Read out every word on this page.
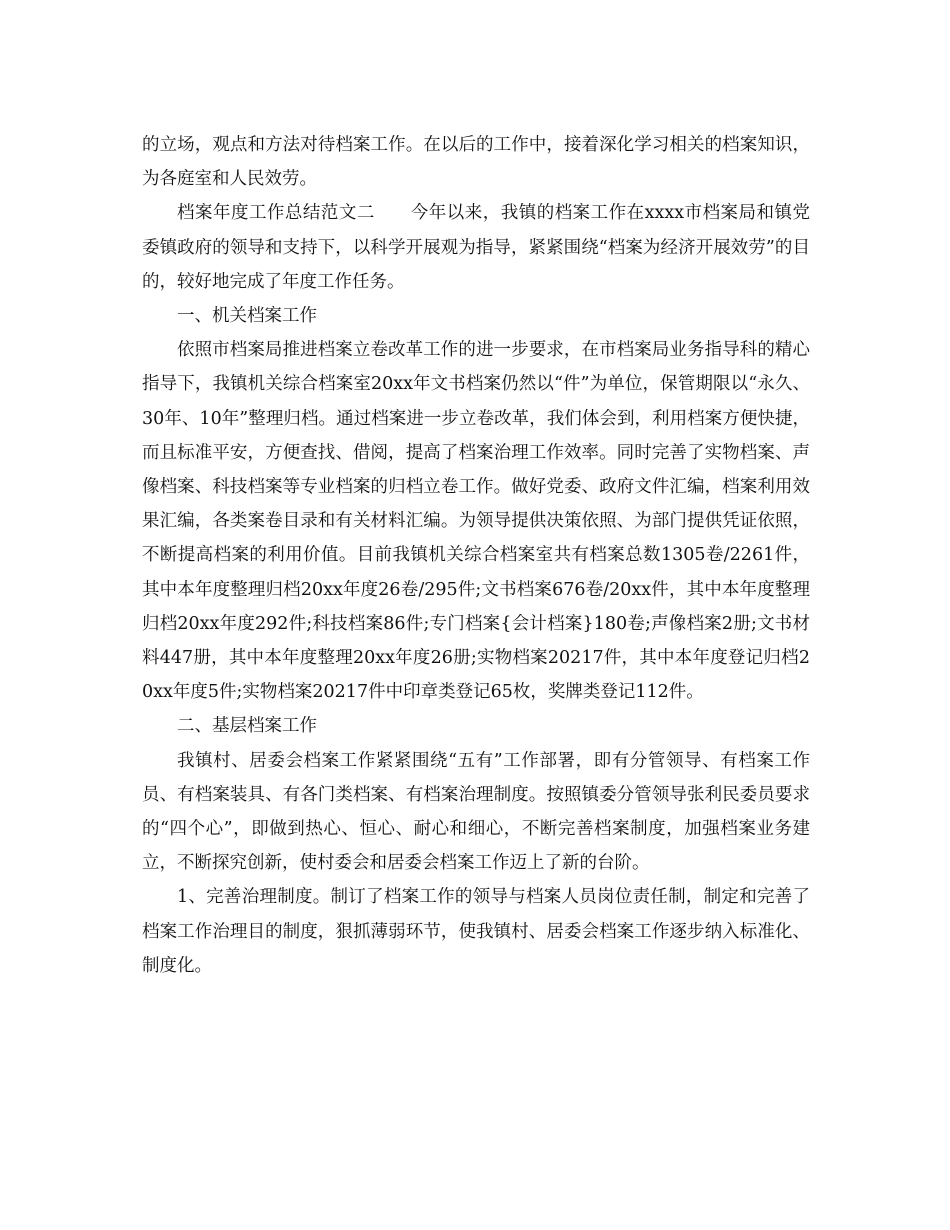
的立场，观点和方法对待档案工作。在以后的工作中，接着深化学习相关的档案知识，为各庭室和人民效劳。

档案年度工作总结范文二　　今年以来，我镇的档案工作在xxxx市档案局和镇党委镇政府的领导和支持下，以科学开展观为指导，紧紧围绕“档案为经济开展效劳”的目的，较好地完成了年度工作任务。

一、机关档案工作

依照市档案局推进档案立卷改革工作的进一步要求，在市档案局业务指导科的精心指导下，我镇机关综合档案室20xx年文书档案仍然以“件”为单位，保管期限以“永久、30年、10年”整理归档。通过档案进一步立卷改革，我们体会到，利用档案方便快捷，而且标准平安，方便查找、借阅，提高了档案治理工作效率。同时完善了实物档案、声像档案、科技档案等专业档案的归档立卷工作。做好党委、政府文件汇编，档案利用效果汇编，各类案卷目录和有关材料汇编。为领导提供决策依照、为部门提供凭证依照，不断提高档案的利用价值。目前我镇机关综合档案室共有档案总数1305卷/2261件，其中本年度整理归档20xx年度26卷/295件;文书档案676卷/20xx件，其中本年度整理归档20xx年度292件;科技档案86件;专门档案{会计档案}180卷;声像档案2册;文书材料447册，其中本年度整理20xx年度26册;实物档案20217件，其中本年度登记归档20xx年度5件;实物档案20217件中印章类登记65枚，奖牌类登记112件。

二、基层档案工作

我镇村、居委会档案工作紧紧围绕“五有”工作部署，即有分管领导、有档案工作员、有档案装具、有各门类档案、有档案治理制度。按照镇委分管领导张利民委员要求的“四个心”，即做到热心、恒心、耐心和细心，不断完善档案制度，加强档案业务建立，不断探究创新，使村委会和居委会档案工作迈上了新的台阶。

1、完善治理制度。制订了档案工作的领导与档案人员岗位责任制，制定和完善了档案工作治理目的制度，狠抓薄弱环节，使我镇村、居委会档案工作逐步纳入标准化、制度化。
